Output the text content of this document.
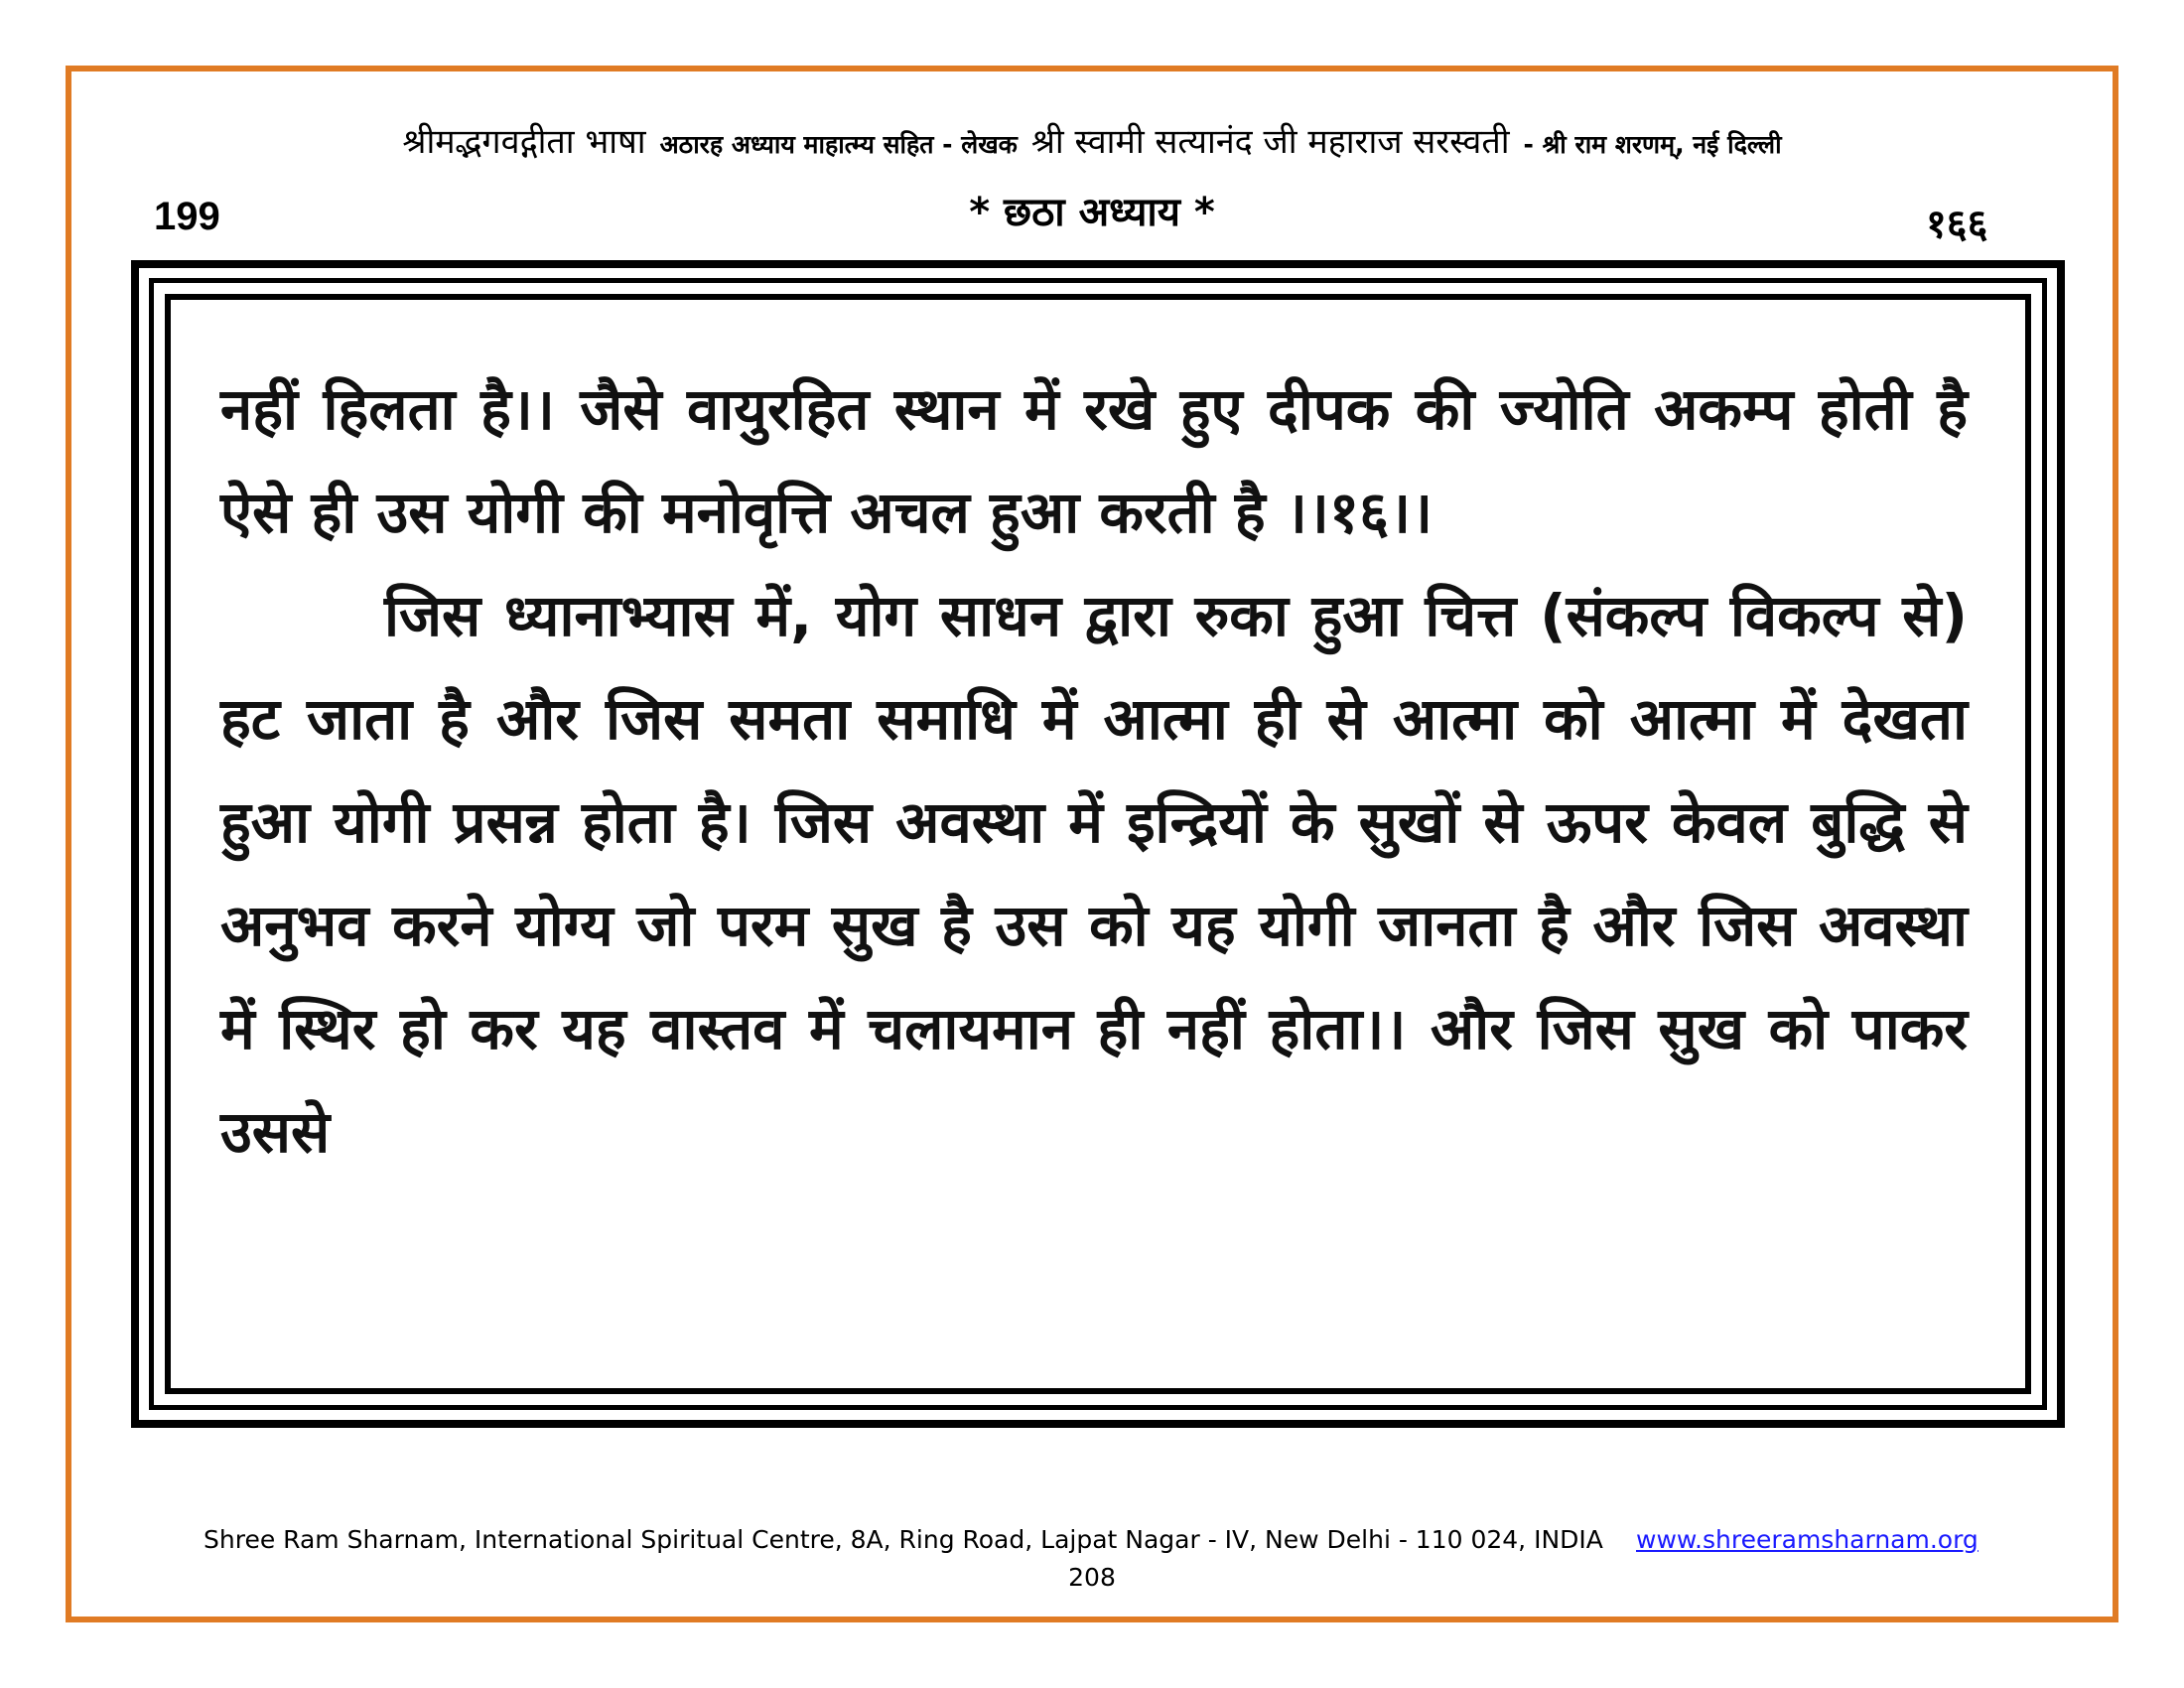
श्रीमद्भगवद्गीता भाषा अठारह अध्याय माहात्म्य सहित - लेखक श्री स्वामी सत्यानंद जी महाराज सरस्वती - श्री राम शरणम्, नई दिल्ली
199	* छठा अध्याय *	१६६

नहीं हिलता है।। जैसे वायुरहित स्थान में रखे हुए दीपक की ज्योति अकम्प होती है ऐसे ही उस योगी की मनोवृत्ति अचल हुआ करती है ।।१६।।

जिस ध्यानाभ्यास में, योग साधन द्वारा रुका हुआ चित्त (संकल्प विकल्प से) हट जाता है और जिस समता समाधि में आत्मा ही से आत्मा को आत्मा में देखता हुआ योगी प्रसन्न होता है। जिस अवस्था में इन्द्रियों के सुखों से ऊपर केवल बुद्धि से अनुभव करने योग्य जो परम सुख है उस को यह योगी जानता है और जिस अवस्था में स्थिर हो कर यह वास्तव में चलायमान ही नहीं होता।। और जिस सुख को पाकर उससे

Shree Ram Sharnam, International Spiritual Centre, 8A, Ring Road, Lajpat Nagar - IV, New Delhi - 110 024, INDIA www.shreeramsharnam.org
208
